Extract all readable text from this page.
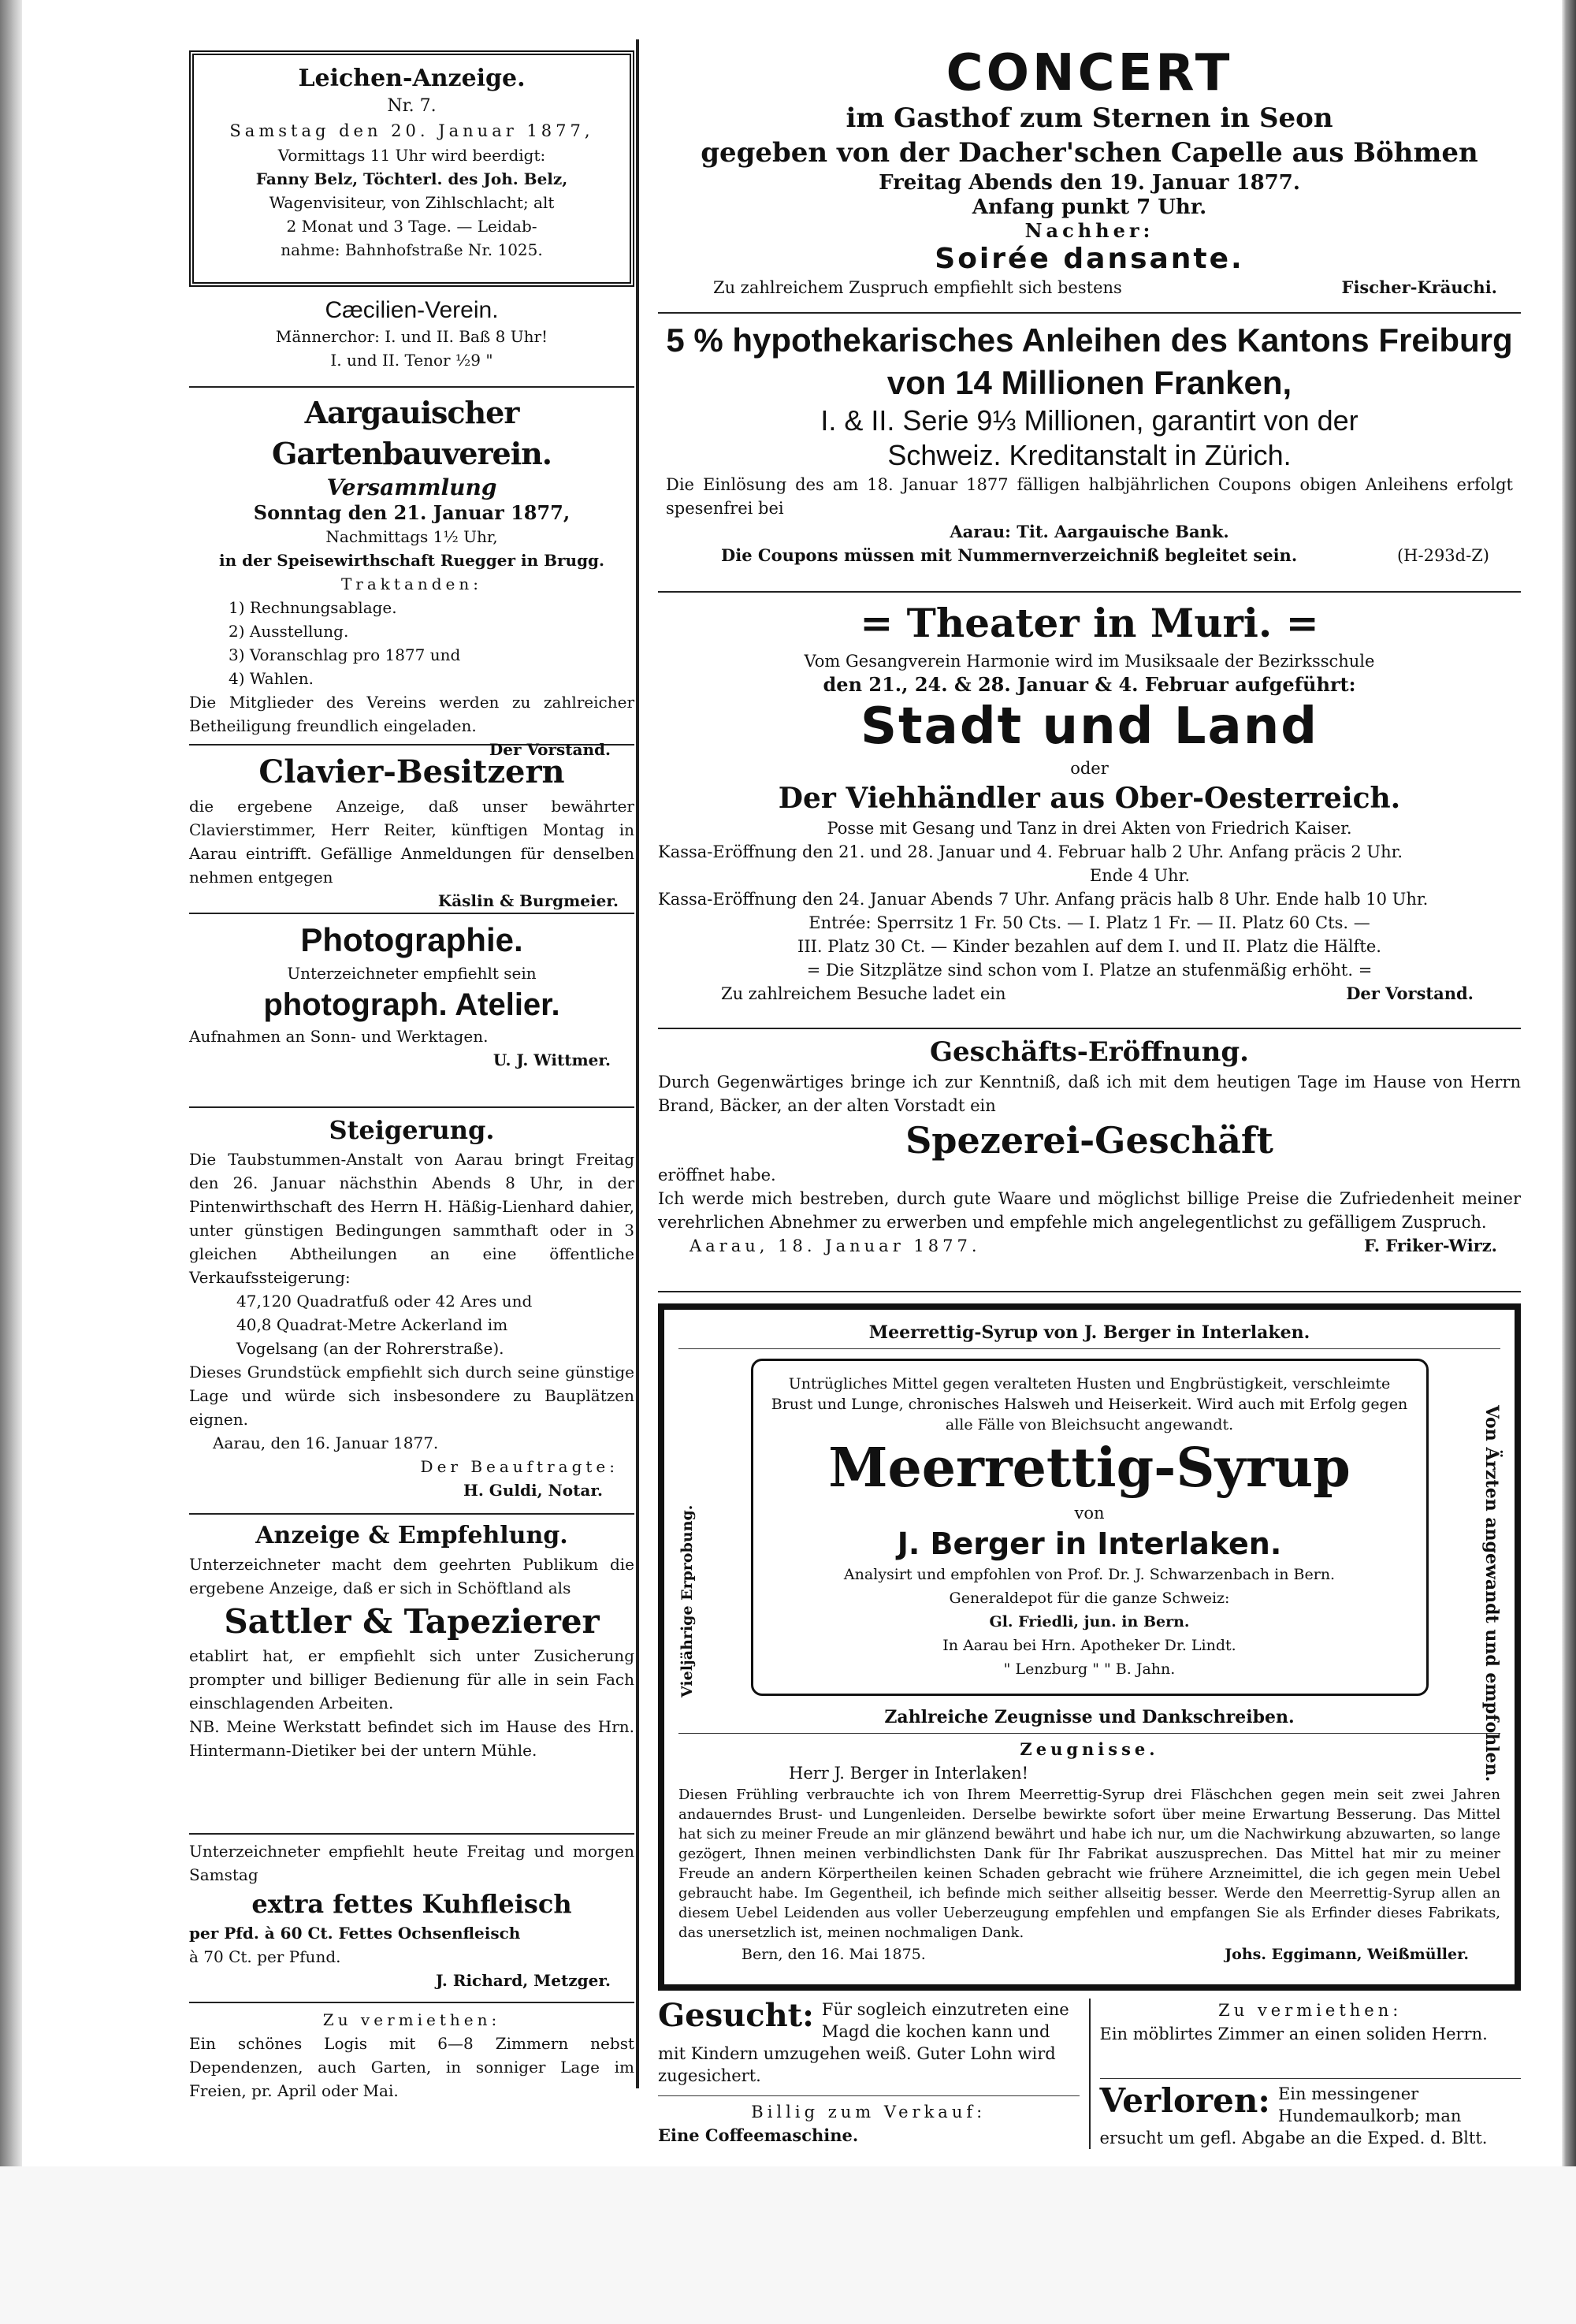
Leichen-Anzeige.

Nr. 7.

Samstag den 20. Januar 1877,

Vormittags 11 Uhr wird beerdigt:

Fanny Belz, Töchterl. des Joh. Belz,

Wagenvisiteur, von Zihlschlacht; alt

2 Monat und 3 Tage. — Leidab-

nahme: Bahnhofstraße Nr. 1025.

Cæcilien-Verein.

Männerchor: I. und II. Baß 8 Uhr!

I. und II. Tenor ½9 "

Aargauischer Gartenbauverein.

Versammlung

Sonntag den 21. Januar 1877,

Nachmittags 1½ Uhr,

in der Speisewirthschaft Ruegger in Brugg.

Traktanden:

1) Rechnungsablage.

2) Ausstellung.

3) Voranschlag pro 1877 und

4) Wahlen.

Die Mitglieder des Vereins werden zu zahlreicher Betheiligung freundlich eingeladen.

Der Vorstand.

Clavier-Besitzern

die ergebene Anzeige, daß unser bewährter Clavierstimmer, Herr Reiter, künftigen Montag in Aarau eintrifft. Gefällige Anmeldungen für denselben nehmen entgegen

Käslin & Burgmeier.

Photographie.

Unterzeichneter empfiehlt sein

photograph. Atelier.

Aufnahmen an Sonn- und Werktagen.

U. J. Wittmer.

Steigerung.

Die Taubstummen-Anstalt von Aarau bringt Freitag den 26. Januar nächsthin Abends 8 Uhr, in der Pintenwirthschaft des Herrn H. Häßig-Lienhard dahier, unter günstigen Bedingungen sammthaft oder in 3 gleichen Abtheilungen an eine öffentliche Verkaufssteigerung:

47,120 Quadratfuß oder 42 Ares und

40,8 Quadrat-Metre Ackerland im

Vogelsang (an der Rohrerstraße).

Dieses Grundstück empfiehlt sich durch seine günstige Lage und würde sich insbesondere zu Bauplätzen eignen.

Aarau, den 16. Januar 1877.

Der Beauftragte:

H. Guldi, Notar.

Anzeige & Empfehlung.

Unterzeichneter macht dem geehrten Publikum die ergebene Anzeige, daß er sich in Schöftland als

Sattler & Tapezierer

etablirt hat, er empfiehlt sich unter Zusicherung prompter und billiger Bedienung für alle in sein Fach einschlagenden Arbeiten.

NB. Meine Werkstatt befindet sich im Hause des Hrn. Hintermann-Dietiker bei der untern Mühle.

Unterzeichneter empfiehlt heute Freitag und morgen Samstag

extra fettes Kuhfleisch

per Pfd. à 60 Ct. Fettes Ochsenfleisch

à 70 Ct. per Pfund.

J. Richard, Metzger.

Zu vermiethen:

Ein schönes Logis mit 6—8 Zimmern nebst Dependenzen, auch Garten, in sonniger Lage im Freien, pr. April oder Mai.

CONCERT

im Gasthof zum Sternen in Seon

gegeben von der Dacher'schen Capelle aus Böhmen

Freitag Abends den 19. Januar 1877.

Anfang punkt 7 Uhr.

Nachher:

Soirée dansante.

Zu zahlreichem Zuspruch empfiehlt sich bestens	Fischer-Kräuchi.

5 % hypothekarisches Anleihen des Kantons Freiburg

von 14 Millionen Franken,

I. & II. Serie 9⅓ Millionen, garantirt von der

Schweiz. Kreditanstalt in Zürich.

Die Einlösung des am 18. Januar 1877 fälligen halbjährlichen Coupons obigen Anleihens erfolgt spesenfrei bei

Aarau: Tit. Aargauische Bank.

Die Coupons müssen mit Nummernverzeichniß begleitet sein.	(H-293d-Z)

= Theater in Muri. =

Vom Gesangverein Harmonie wird im Musiksaale der Bezirksschule

den 21., 24. & 28. Januar & 4. Februar aufgeführt:

Stadt und Land

oder

Der Viehhändler aus Ober-Oesterreich.

Posse mit Gesang und Tanz in drei Akten von Friedrich Kaiser.

Kassa-Eröffnung den 21. und 28. Januar und 4. Februar halb 2 Uhr. Anfang präcis 2 Uhr.

Ende 4 Uhr.

Kassa-Eröffnung den 24. Januar Abends 7 Uhr. Anfang präcis halb 8 Uhr. Ende halb 10 Uhr.

Entrée: Sperrsitz 1 Fr. 50 Cts. — I. Platz 1 Fr. — II. Platz 60 Cts. —

III. Platz 30 Ct. — Kinder bezahlen auf dem I. und II. Platz die Hälfte.

= Die Sitzplätze sind schon vom I. Platze an stufenmäßig erhöht. =

Zu zahlreichem Besuche ladet ein	Der Vorstand.

Geschäfts-Eröffnung.

Durch Gegenwärtiges bringe ich zur Kenntniß, daß ich mit dem heutigen Tage im Hause von Herrn Brand, Bäcker, an der alten Vorstadt ein

Spezerei-Geschäft

eröffnet habe.

Ich werde mich bestreben, durch gute Waare und möglichst billige Preise die Zufriedenheit meiner verehrlichen Abnehmer zu erwerben und empfehle mich angelegentlichst zu gefälligem Zuspruch.

Aarau, 18. Januar 1877.	F. Friker-Wirz.

Meerrettig-Syrup von J. Berger in Interlaken.

Vieljährige Erprobung.	Von Ärzten angewandt und empfohlen.

Untrügliches Mittel gegen veralteten Husten und Engbrüstigkeit, verschleimte Brust und Lunge, chronisches Halsweh und Heiserkeit. Wird auch mit Erfolg gegen alle Fälle von Bleichsucht angewandt.

Meerrettig-Syrup

von

J. Berger in Interlaken.

Analysirt und empfohlen von Prof. Dr. J. Schwarzenbach in Bern.

Generaldepot für die ganze Schweiz:

Gl. Friedli, jun. in Bern.

In Aarau bei Hrn. Apotheker Dr. Lindt.

" Lenzburg " " B. Jahn.

Zahlreiche Zeugnisse und Dankschreiben.

Zeugnisse.

Herr J. Berger in Interlaken!

Diesen Frühling verbrauchte ich von Ihrem Meerrettig-Syrup drei Fläschchen gegen mein seit zwei Jahren andauerndes Brust- und Lungenleiden. Derselbe bewirkte sofort über meine Erwartung Besserung. Das Mittel hat sich zu meiner Freude an mir glänzend bewährt und habe ich nur, um die Nachwirkung abzuwarten, so lange gezögert, Ihnen meinen verbindlichsten Dank für Ihr Fabrikat auszusprechen. Das Mittel hat mir zu meiner Freude an andern Körpertheilen keinen Schaden gebracht wie frühere Arzneimittel, die ich gegen mein Uebel gebraucht habe. Im Gegentheil, ich befinde mich seither allseitig besser. Werde den Meerrettig-Syrup allen an diesem Uebel Leidenden aus voller Ueberzeugung empfehlen und empfangen Sie als Erfinder dieses Fabrikats, das unersetzlich ist, meinen nochmaligen Dank.

Bern, den 16. Mai 1875.	Johs. Eggimann, Weißmüller.

Gesucht: Für sogleich einzutreten eine Magd die kochen kann und mit Kindern umzugehen weiß. Guter Lohn wird zugesichert.

Billig zum Verkauf:

Eine Coffeemaschine.

Zu vermiethen:

Ein möblirtes Zimmer an einen soliden Herrn.

Verloren: Ein messingener Hundemaulkorb; man ersucht um gefl. Abgabe an die Exped. d. Bltt.
